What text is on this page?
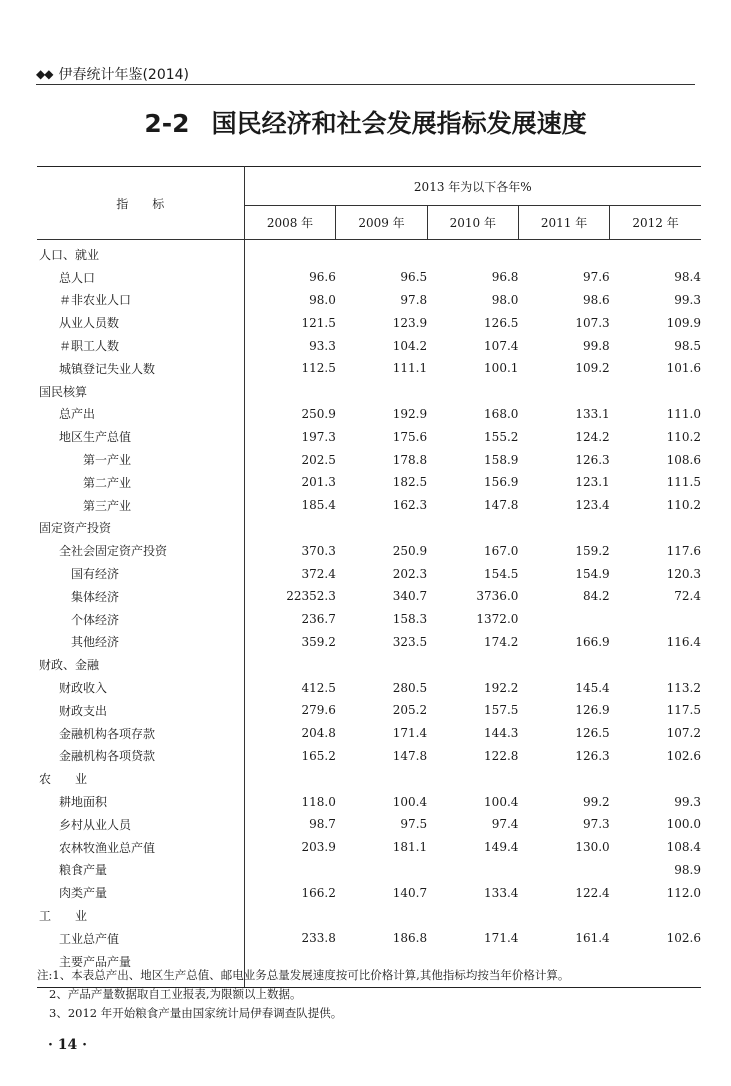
◆◆ 伊春统计年鉴(2014)
2-2 国民经济和社会发展指标发展速度
指　　标	2013 年为以下各年%				
	2008 年	2009 年	2010 年	2011 年	2012 年
人口、就业					
总人口	96.6	96.5	96.8	97.6	98.4
＃非农业人口	98.0	97.8	98.0	98.6	99.3
从业人员数	121.5	123.9	126.5	107.3	109.9
＃职工人数	93.3	104.2	107.4	99.8	98.5
城镇登记失业人数	112.5	111.1	100.1	109.2	101.6
国民核算					
总产出	250.9	192.9	168.0	133.1	111.0
地区生产总值	197.3	175.6	155.2	124.2	110.2
第一产业	202.5	178.8	158.9	126.3	108.6
第二产业	201.3	182.5	156.9	123.1	111.5
第三产业	185.4	162.3	147.8	123.4	110.2
固定资产投资					
全社会固定资产投资	370.3	250.9	167.0	159.2	117.6
国有经济	372.4	202.3	154.5	154.9	120.3
集体经济	22352.3	340.7	3736.0	84.2	72.4
个体经济	236.7	158.3	1372.0		
其他经济	359.2	323.5	174.2	166.9	116.4
财政、金融					
财政收入	412.5	280.5	192.2	145.4	113.2
财政支出	279.6	205.2	157.5	126.9	117.5
金融机构各项存款	204.8	171.4	144.3	126.5	107.2
金融机构各项贷款	165.2	147.8	122.8	126.3	102.6
农　　业					
耕地面积	118.0	100.4	100.4	99.2	99.3
乡村从业人员	98.7	97.5	97.4	97.3	100.0
农林牧渔业总产值	203.9	181.1	149.4	130.0	108.4
粮食产量					98.9
肉类产量	166.2	140.7	133.4	122.4	112.0
工　　业					
工业总产值	233.8	186.8	171.4	161.4	102.6
主要产品产量					

注:1、本表总产出、地区生产总值、邮电业务总量发展速度按可比价格计算,其他指标均按当年价格计算。
2、产品产量数据取自工业报表,为限额以上数据。
3、2012 年开始粮食产量由国家统计局伊春调查队提供。
· 14 ·
